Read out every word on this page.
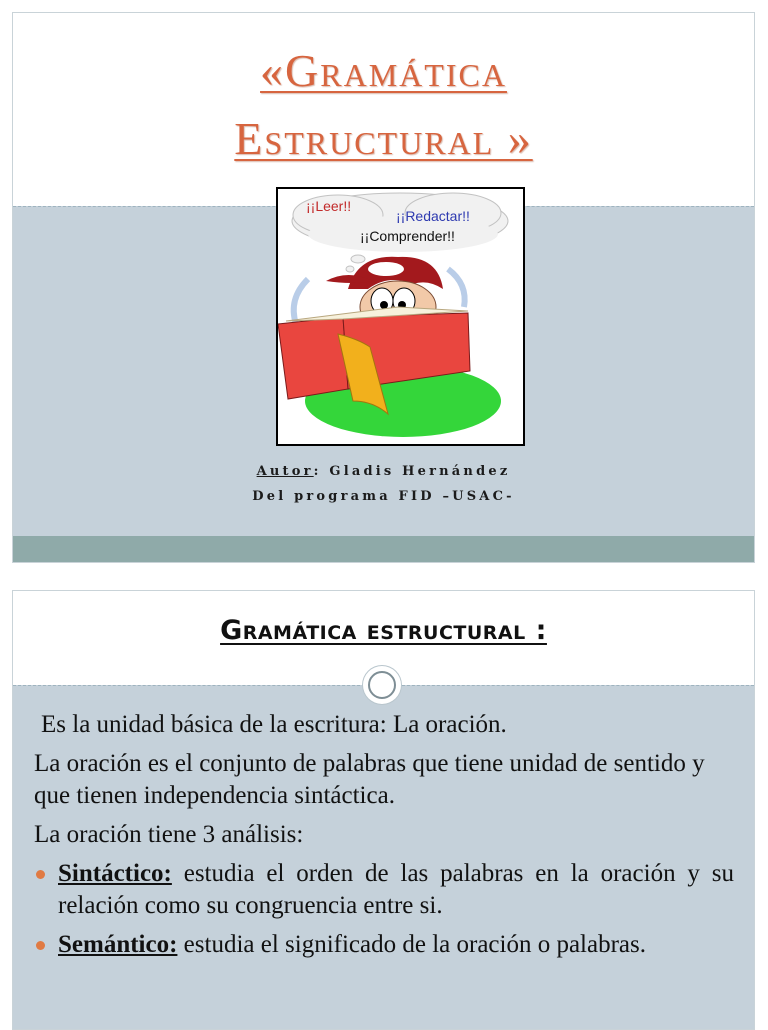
«Gramática
Estructural »
¡¡Leer!!
¡¡Redactar!!
¡¡Comprender!!
Autor: Gladis Hernández
Del programa FID –USAC-
Gramática estructural :

Es la unidad básica de la escritura: La oración.

La oración es el conjunto de palabras que tiene unidad de sentido y que tienen independencia sintáctica.

La oración tiene 3 análisis:

Sintáctico: estudia el orden de las palabras en la oración y su relación como su congruencia entre si.
Semántico: estudia el significado de la oración o palabras.
